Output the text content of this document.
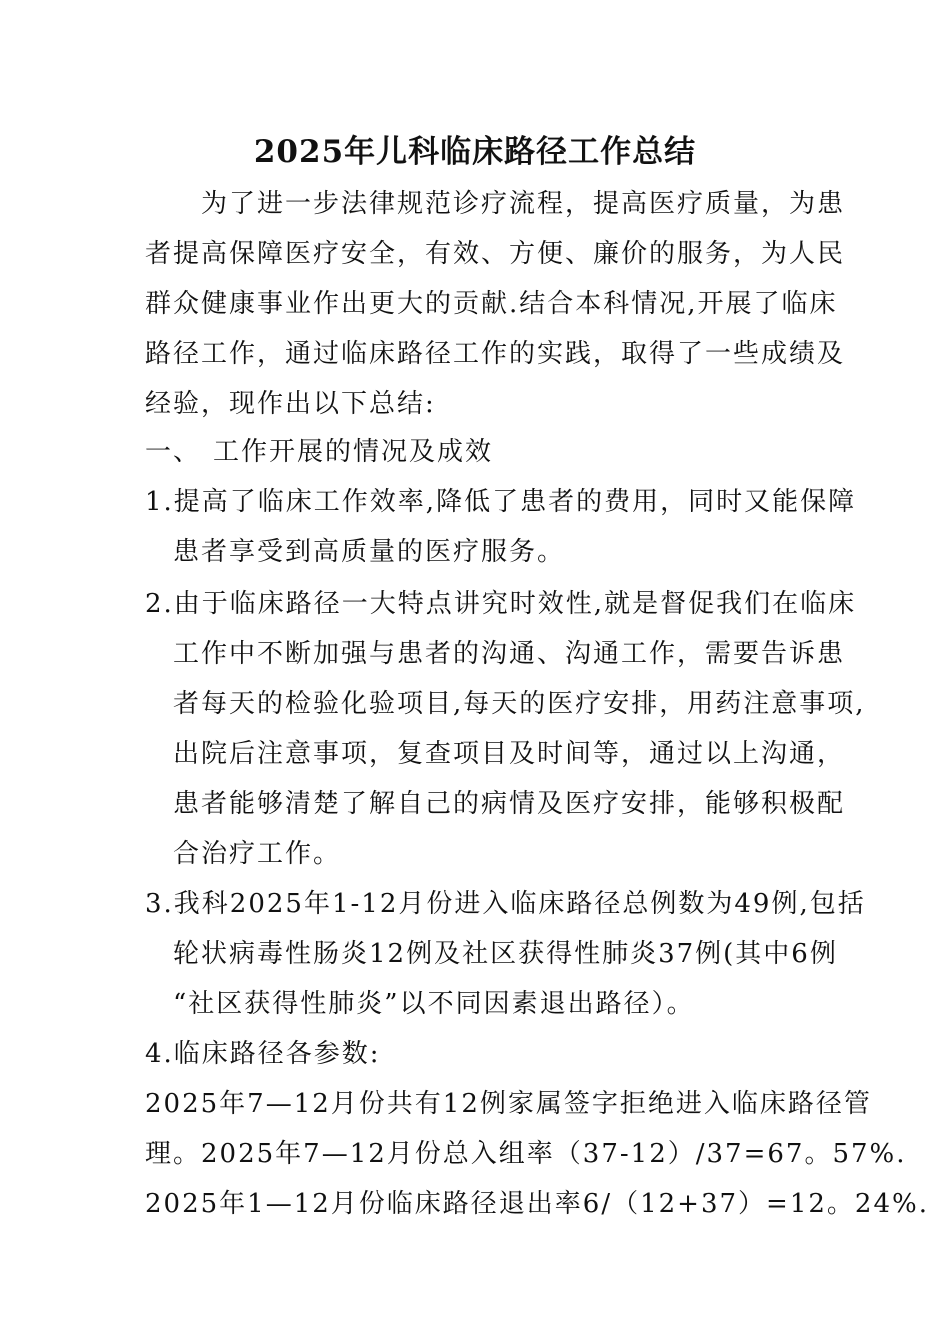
2025年儿科临床路径工作总结
为了进一步法律规范诊疗流程，提高医疗质量，为患
者提高保障医疗安全，有效、方便、廉价的服务，为人民
群众健康事业作出更大的贡献.结合本科情况,开展了临床
路径工作，通过临床路径工作的实践，取得了一些成绩及
经验，现作出以下总结:
一、 工作开展的情况及成效
1.提高了临床工作效率,降低了患者的费用，同时又能保障
患者享受到高质量的医疗服务。
2.由于临床路径一大特点讲究时效性,就是督促我们在临床
工作中不断加强与患者的沟通、沟通工作，需要告诉患
者每天的检验化验项目,每天的医疗安排，用药注意事项,
出院后注意事项，复查项目及时间等，通过以上沟通，
患者能够清楚了解自己的病情及医疗安排，能够积极配
合治疗工作。
3.我科2025年1-12月份进入临床路径总例数为49例,包括
轮状病毒性肠炎12例及社区获得性肺炎37例(其中6例
“社区获得性肺炎”以不同因素退出路径）。
4.临床路径各参数:
2025年7—12月份共有12例家属签字拒绝进入临床路径管
理。2025年7—12月份总入组率（37-12）/37=67。57%.
2025年1—12月份临床路径退出率6/（12+37）=12。24%.
